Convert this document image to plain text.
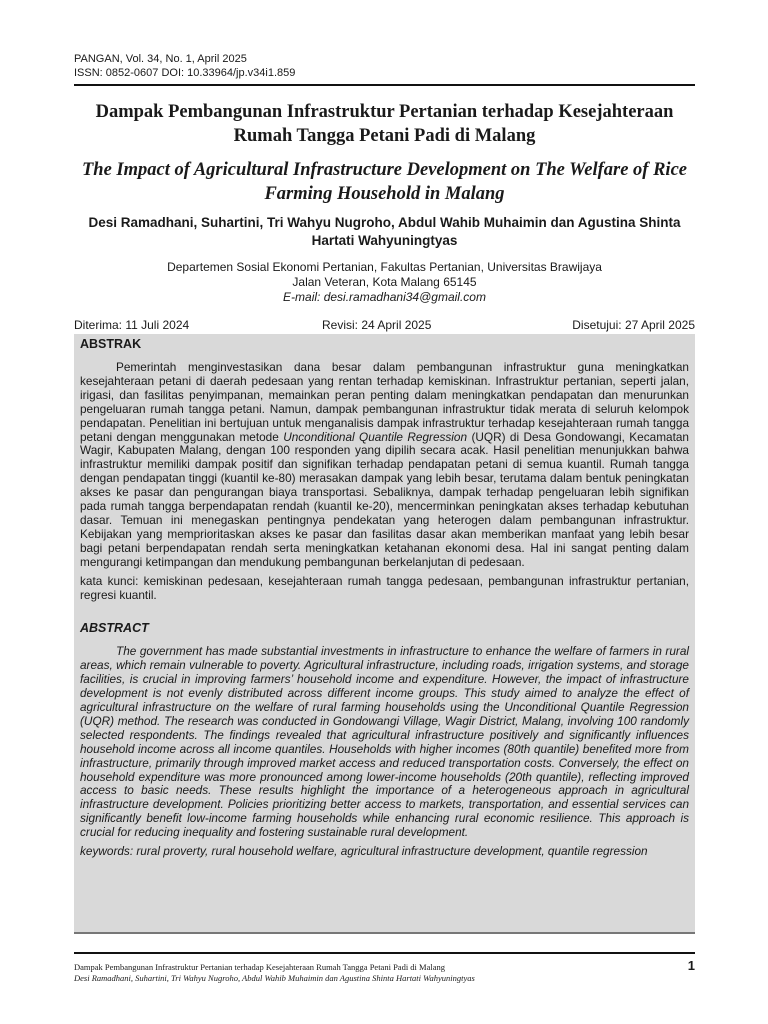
PANGAN, Vol. 34, No. 1, April 2025
ISSN: 0852-0607 DOI: 10.33964/jp.v34i1.859
Dampak Pembangunan Infrastruktur Pertanian terhadap Kesejahteraan Rumah Tangga Petani Padi di Malang
The Impact of Agricultural Infrastructure Development on The Welfare of Rice Farming Household in Malang
Desi Ramadhani, Suhartini, Tri Wahyu Nugroho, Abdul Wahib Muhaimin dan Agustina Shinta Hartati Wahyuningtyas
Departemen Sosial Ekonomi Pertanian, Fakultas Pertanian, Universitas Brawijaya
Jalan Veteran, Kota Malang 65145
E-mail: desi.ramadhani34@gmail.com
Diterima: 11 Juli 2024	Revisi: 24 April 2025	Disetujui: 27 April 2025

ABSTRAK

Pemerintah menginvestasikan dana besar dalam pembangunan infrastruktur guna meningkatkan kesejahteraan petani di daerah pedesaan yang rentan terhadap kemiskinan. Infrastruktur pertanian, seperti jalan, irigasi, dan fasilitas penyimpanan, memainkan peran penting dalam meningkatkan pendapatan dan menurunkan pengeluaran rumah tangga petani. Namun, dampak pembangunan infrastruktur tidak merata di seluruh kelompok pendapatan. Penelitian ini bertujuan untuk menganalisis dampak infrastruktur terhadap kesejahteraan rumah tangga petani dengan menggunakan metode Unconditional Quantile Regression (UQR) di Desa Gondowangi, Kecamatan Wagir, Kabupaten Malang, dengan 100 responden yang dipilih secara acak. Hasil penelitian menunjukkan bahwa infrastruktur memiliki dampak positif dan signifikan terhadap pendapatan petani di semua kuantil. Rumah tangga dengan pendapatan tinggi (kuantil ke-80) merasakan dampak yang lebih besar, terutama dalam bentuk peningkatan akses ke pasar dan pengurangan biaya transportasi. Sebaliknya, dampak terhadap pengeluaran lebih signifikan pada rumah tangga berpendapatan rendah (kuantil ke-20), mencerminkan peningkatan akses terhadap kebutuhan dasar. Temuan ini menegaskan pentingnya pendekatan yang heterogen dalam pembangunan infrastruktur. Kebijakan yang memprioritaskan akses ke pasar dan fasilitas dasar akan memberikan manfaat yang lebih besar bagi petani berpendapatan rendah serta meningkatkan ketahanan ekonomi desa. Hal ini sangat penting dalam mengurangi ketimpangan dan mendukung pembangunan berkelanjutan di pedesaan.

kata kunci: kemiskinan pedesaan, kesejahteraan rumah tangga pedesaan, pembangunan infrastruktur pertanian, regresi kuantil.

ABSTRACT

The government has made substantial investments in infrastructure to enhance the welfare of farmers in rural areas, which remain vulnerable to poverty. Agricultural infrastructure, including roads, irrigation systems, and storage facilities, is crucial in improving farmers’ household income and expenditure. However, the impact of infrastructure development is not evenly distributed across different income groups. This study aimed to analyze the effect of agricultural infrastructure on the welfare of rural farming households using the Unconditional Quantile Regression (UQR) method. The research was conducted in Gondowangi Village, Wagir District, Malang, involving 100 randomly selected respondents. The findings revealed that agricultural infrastructure positively and significantly influences household income across all income quantiles. Households with higher incomes (80th quantile) benefited more from infrastructure, primarily through improved market access and reduced transportation costs. Conversely, the effect on household expenditure was more pronounced among lower-income households (20th quantile), reflecting improved access to basic needs. These results highlight the importance of a heterogeneous approach in agricultural infrastructure development. Policies prioritizing better access to markets, transportation, and essential services can significantly benefit low-income farming households while enhancing rural economic resilience. This approach is crucial for reducing inequality and fostering sustainable rural development.

keywords: rural proverty, rural household welfare, agricultural infrastructure development, quantile regression

Dampak Pembangunan Infrastruktur Pertanian terhadap Kesejahteraan Rumah Tangga Petani Padi di Malang
Desi Ramadhani, Suhartini, Tri Wahyu Nugroho, Abdul Wahib Muhaimin dan Agustina Shinta Hartati Wahyuningtyas
1
